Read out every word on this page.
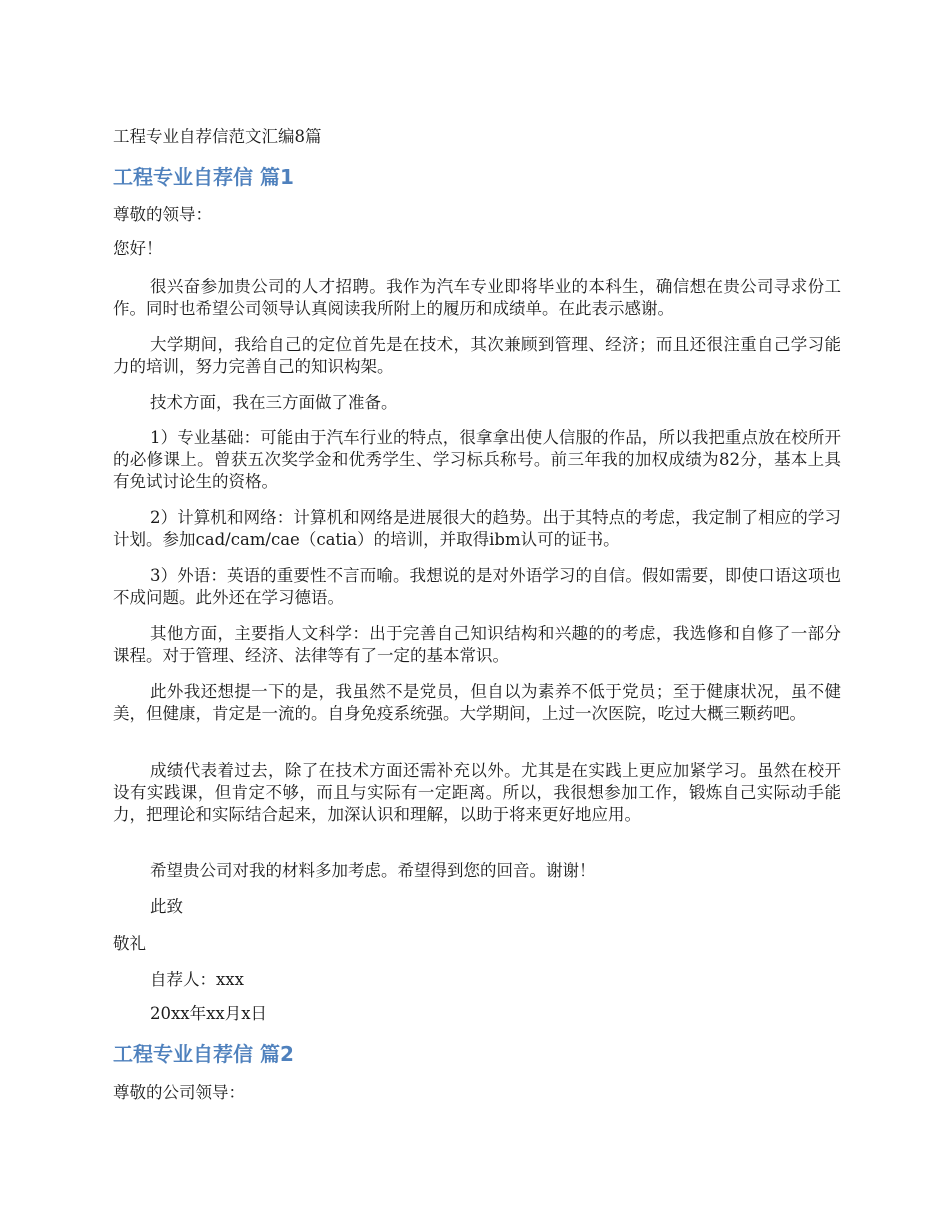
工程专业自荐信范文汇编8篇
工程专业自荐信 篇1
尊敬的领导：
您好！
很兴奋参加贵公司的人才招聘。我作为汽车专业即将毕业的本科生，确信想在贵公司寻求份工作。同时也希望公司领导认真阅读我所附上的履历和成绩单。在此表示感谢。
大学期间，我给自己的定位首先是在技术，其次兼顾到管理、经济；而且还很注重自己学习能力的培训，努力完善自己的知识构架。
技术方面，我在三方面做了准备。
1）专业基础：可能由于汽车行业的特点，很拿拿出使人信服的作品，所以我把重点放在校所开的必修课上。曾获五次奖学金和优秀学生、学习标兵称号。前三年我的加权成绩为82分，基本上具有免试讨论生的资格。
2）计算机和网络：计算机和网络是进展很大的趋势。出于其特点的考虑，我定制了相应的学习计划。参加cad/cam/cae（catia）的培训，并取得ibm认可的证书。
3）外语：英语的重要性不言而喻。我想说的是对外语学习的自信。假如需要，即使口语这项也不成问题。此外还在学习德语。
其他方面，主要指人文科学：出于完善自己知识结构和兴趣的的考虑，我选修和自修了一部分课程。对于管理、经济、法律等有了一定的基本常识。
此外我还想提一下的是，我虽然不是党员，但自以为素养不低于党员；至于健康状况，虽不健美，但健康，肯定是一流的。自身免疫系统强。大学期间，上过一次医院，吃过大概三颗药吧。
成绩代表着过去，除了在技术方面还需补充以外。尤其是在实践上更应加紧学习。虽然在校开设有实践课，但肯定不够，而且与实际有一定距离。所以，我很想参加工作，锻炼自己实际动手能力，把理论和实际结合起来，加深认识和理解，以助于将来更好地应用。
希望贵公司对我的材料多加考虑。希望得到您的回音。谢谢！
此致
敬礼
自荐人：xxx
20xx年xx月x日
工程专业自荐信 篇2
尊敬的公司领导：
